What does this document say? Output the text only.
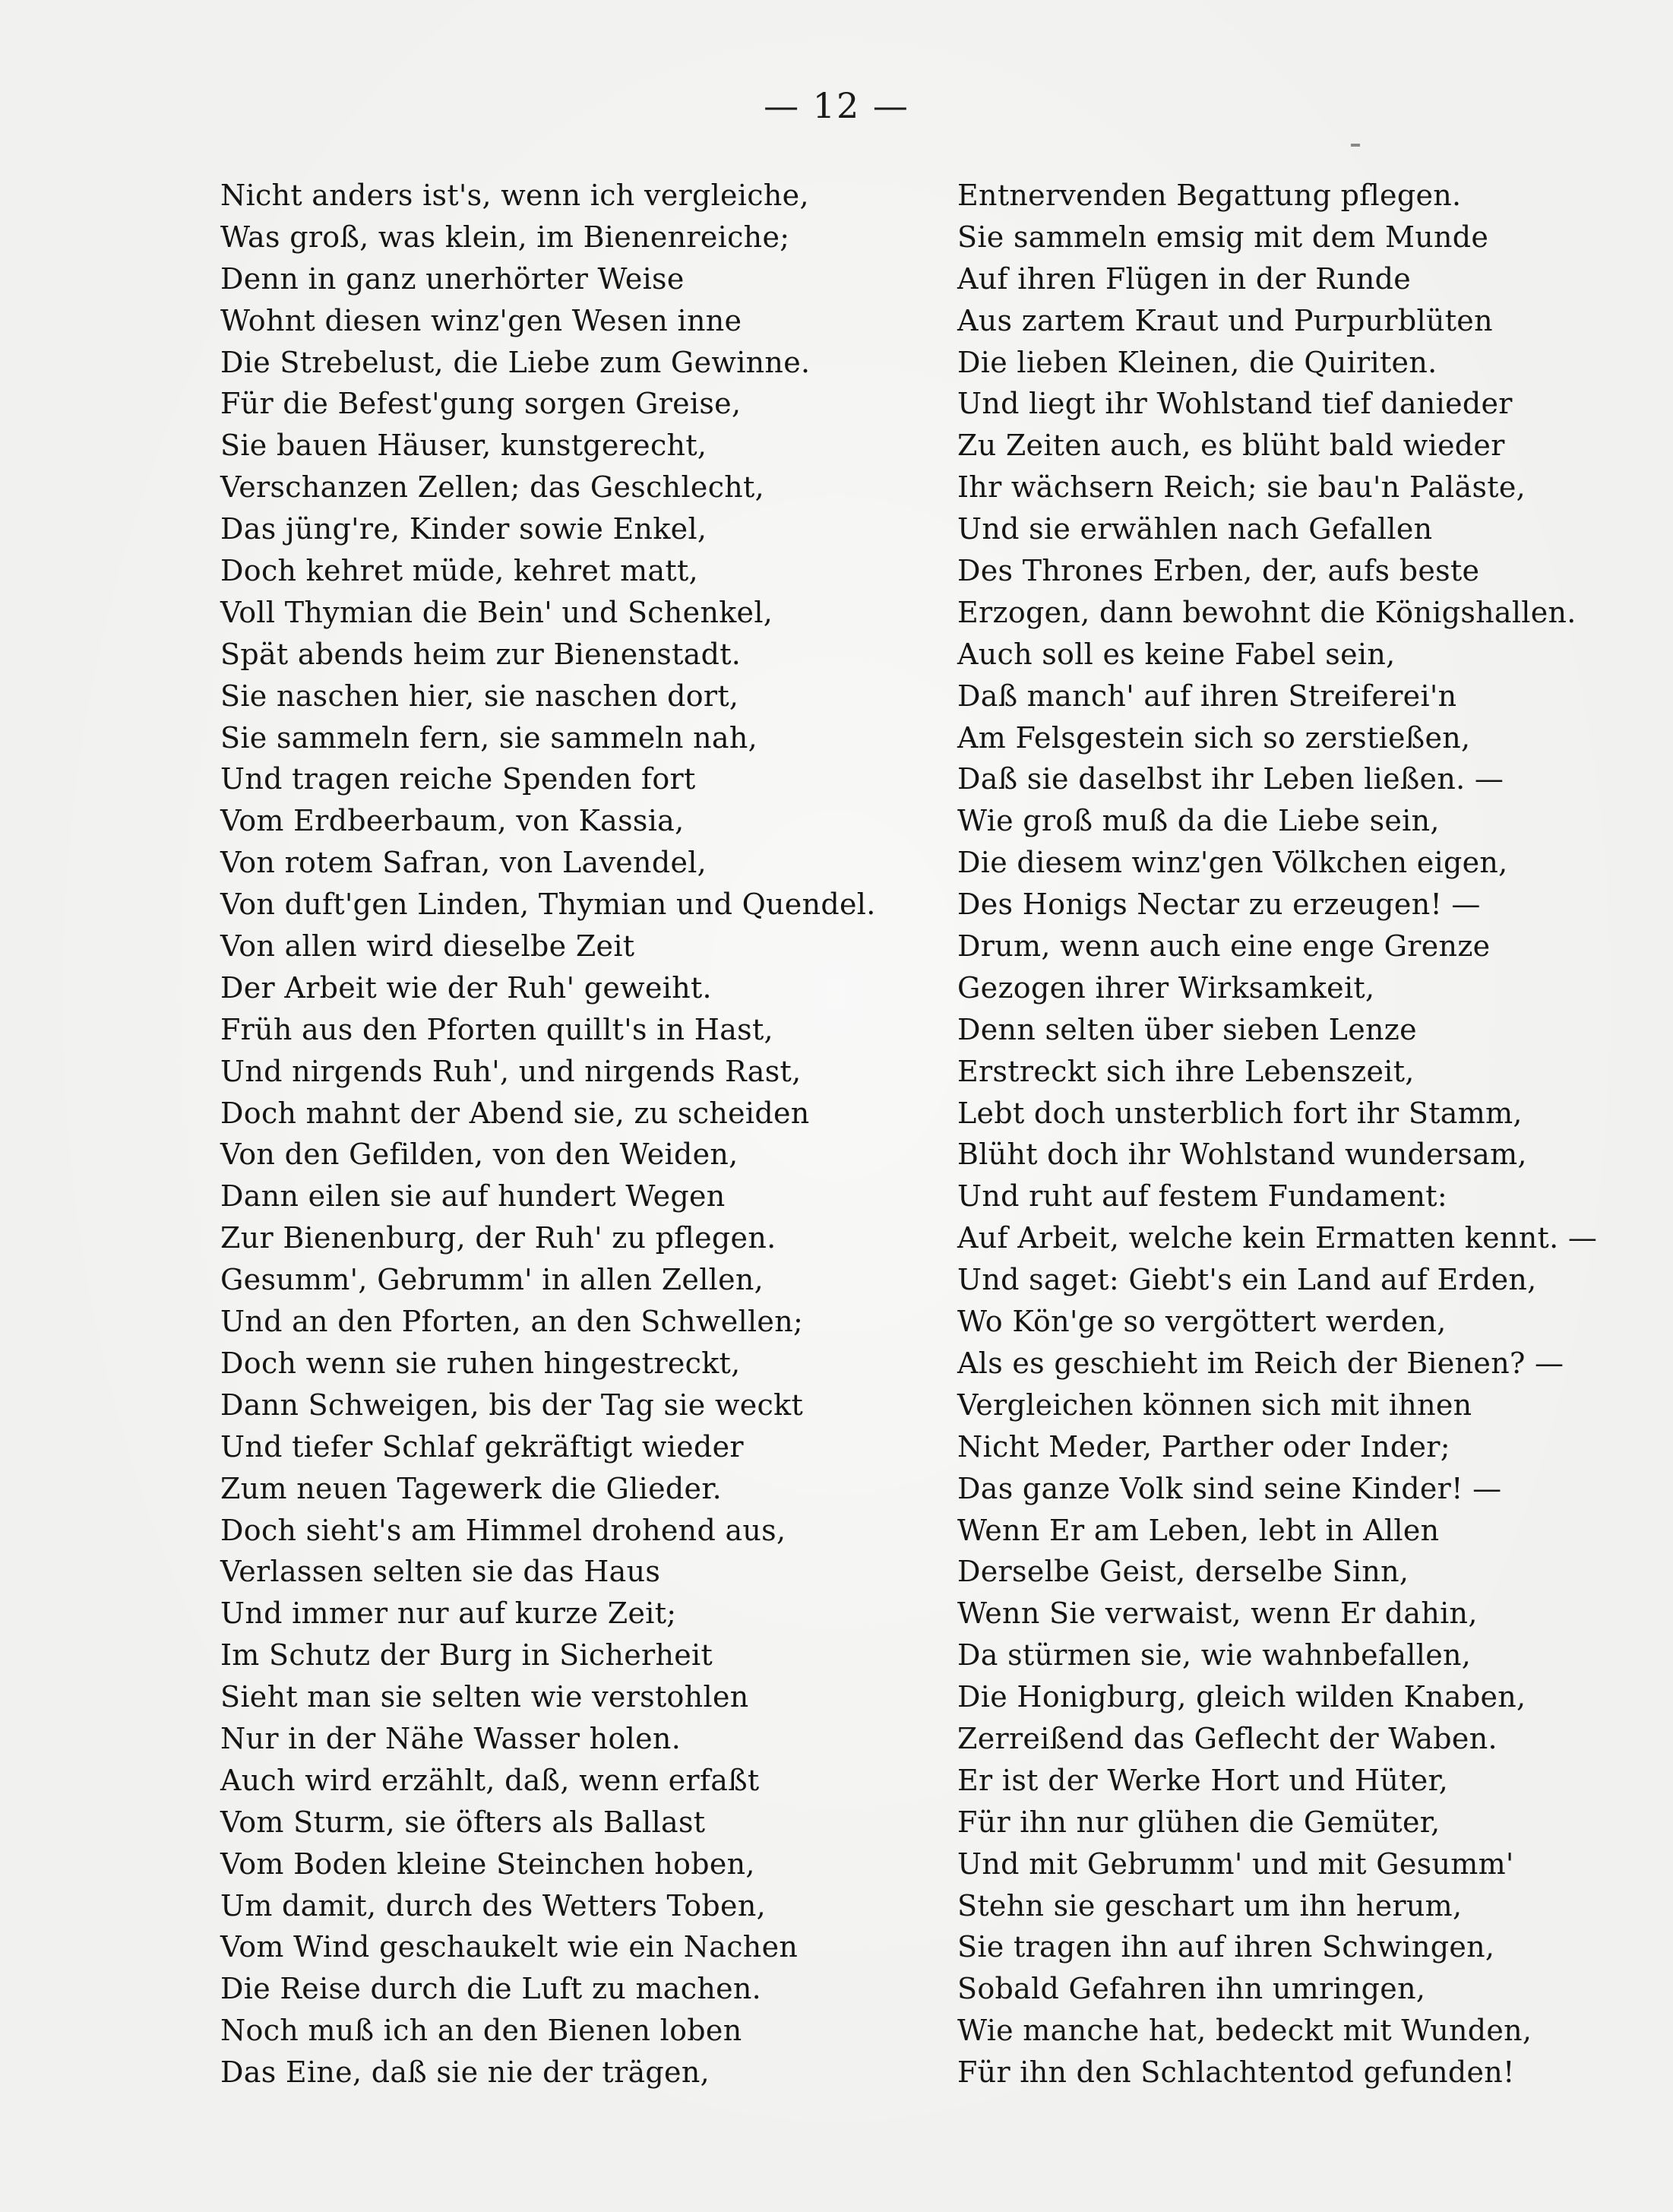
— 12 —
Nicht anders ist's, wenn ich vergleiche,
Was groß, was klein, im Bienenreiche;
Denn in ganz unerhörter Weise
Wohnt diesen winz'gen Wesen inne
Die Strebelust, die Liebe zum Gewinne.
Für die Befest'gung sorgen Greise,
Sie bauen Häuser, kunstgerecht,
Verschanzen Zellen; das Geschlecht,
Das jüng're, Kinder sowie Enkel,
Doch kehret müde, kehret matt,
Voll Thymian die Bein' und Schenkel,
Spät abends heim zur Bienenstadt.
Sie naschen hier, sie naschen dort,
Sie sammeln fern, sie sammeln nah,
Und tragen reiche Spenden fort
Vom Erdbeerbaum, von Kassia,
Von rotem Safran, von Lavendel,
Von duft'gen Linden, Thymian und Quendel.
Von allen wird dieselbe Zeit
Der Arbeit wie der Ruh' geweiht.
Früh aus den Pforten quillt's in Hast,
Und nirgends Ruh', und nirgends Rast,
Doch mahnt der Abend sie, zu scheiden
Von den Gefilden, von den Weiden,
Dann eilen sie auf hundert Wegen
Zur Bienenburg, der Ruh' zu pflegen.
Gesumm', Gebrumm' in allen Zellen,
Und an den Pforten, an den Schwellen;
Doch wenn sie ruhen hingestreckt,
Dann Schweigen, bis der Tag sie weckt
Und tiefer Schlaf gekräftigt wieder
Zum neuen Tagewerk die Glieder.
Doch sieht's am Himmel drohend aus,
Verlassen selten sie das Haus
Und immer nur auf kurze Zeit;
Im Schutz der Burg in Sicherheit
Sieht man sie selten wie verstohlen
Nur in der Nähe Wasser holen.
Auch wird erzählt, daß, wenn erfaßt
Vom Sturm, sie öfters als Ballast
Vom Boden kleine Steinchen hoben,
Um damit, durch des Wetters Toben,
Vom Wind geschaukelt wie ein Nachen
Die Reise durch die Luft zu machen.
Noch muß ich an den Bienen loben
Das Eine, daß sie nie der trägen,
Entnervenden Begattung pflegen.
Sie sammeln emsig mit dem Munde
Auf ihren Flügen in der Runde
Aus zartem Kraut und Purpurblüten
Die lieben Kleinen, die Quiriten.
Und liegt ihr Wohlstand tief danieder
Zu Zeiten auch, es blüht bald wieder
Ihr wächsern Reich; sie bau'n Paläste,
Und sie erwählen nach Gefallen
Des Thrones Erben, der, aufs beste
Erzogen, dann bewohnt die Königshallen.
Auch soll es keine Fabel sein,
Daß manch' auf ihren Streiferei'n
Am Felsgestein sich so zerstießen,
Daß sie daselbst ihr Leben ließen. —
Wie groß muß da die Liebe sein,
Die diesem winz'gen Völkchen eigen,
Des Honigs Nectar zu erzeugen! —
Drum, wenn auch eine enge Grenze
Gezogen ihrer Wirksamkeit,
Denn selten über sieben Lenze
Erstreckt sich ihre Lebenszeit,
Lebt doch unsterblich fort ihr Stamm,
Blüht doch ihr Wohlstand wundersam,
Und ruht auf festem Fundament:
Auf Arbeit, welche kein Ermatten kennt. —
Und saget: Giebt's ein Land auf Erden,
Wo Kön'ge so vergöttert werden,
Als es geschieht im Reich der Bienen? —
Vergleichen können sich mit ihnen
Nicht Meder, Parther oder Inder;
Das ganze Volk sind seine Kinder! —
Wenn Er am Leben, lebt in Allen
Derselbe Geist, derselbe Sinn,
Wenn Sie verwaist, wenn Er dahin,
Da stürmen sie, wie wahnbefallen,
Die Honigburg, gleich wilden Knaben,
Zerreißend das Geflecht der Waben.
Er ist der Werke Hort und Hüter,
Für ihn nur glühen die Gemüter,
Und mit Gebrumm' und mit Gesumm'
Stehn sie geschart um ihn herum,
Sie tragen ihn auf ihren Schwingen,
Sobald Gefahren ihn umringen,
Wie manche hat, bedeckt mit Wunden,
Für ihn den Schlachtentod gefunden!
